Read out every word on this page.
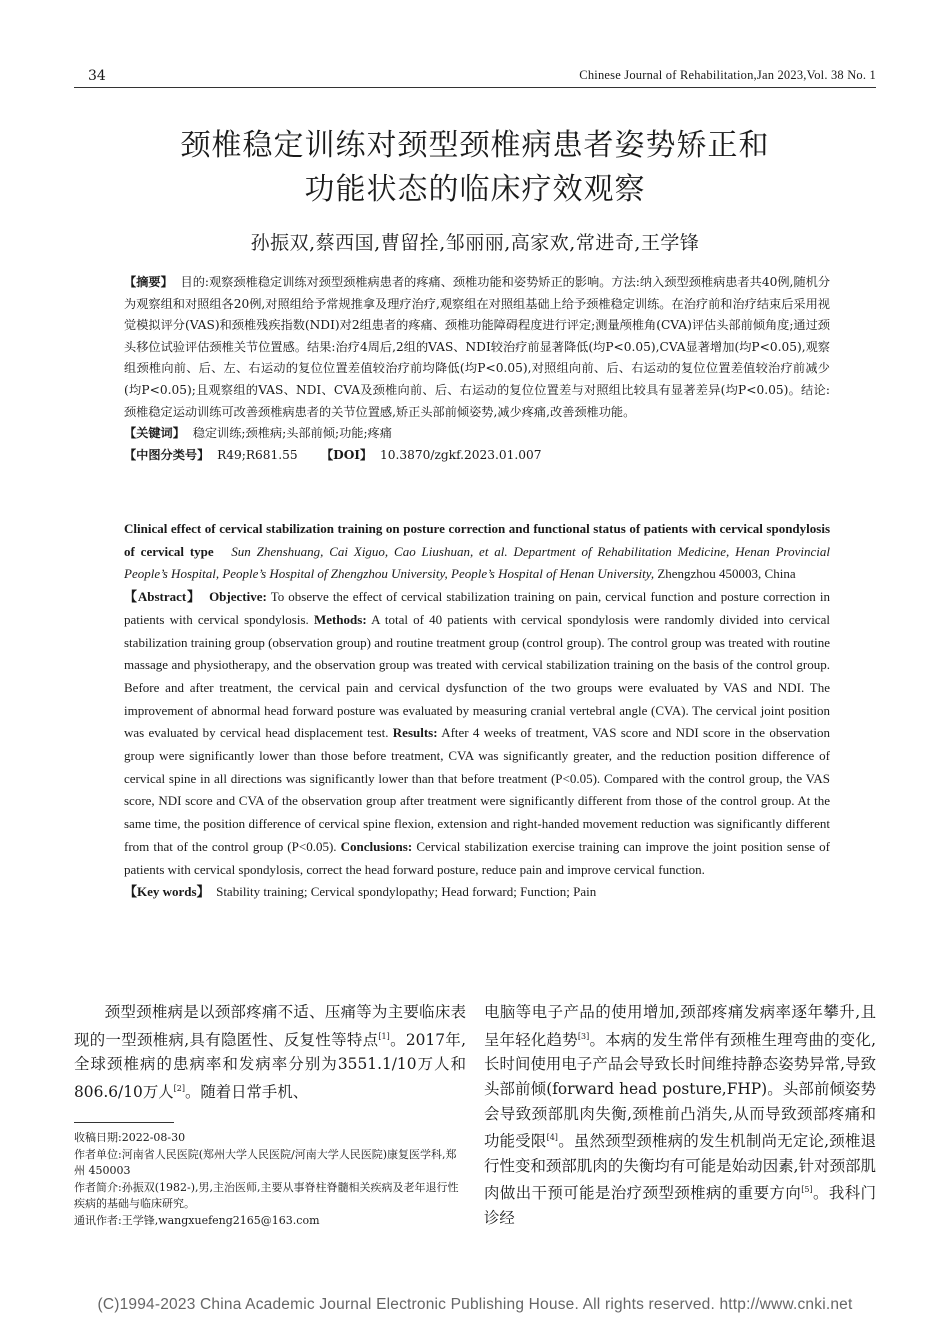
34	Chinese Journal of Rehabilitation,Jan 2023,Vol. 38 No. 1
颈椎稳定训练对颈型颈椎病患者姿势矫正和
功能状态的临床疗效观察
孙振双,蔡西国,曹留拴,邹丽丽,高家欢,常进奇,王学锋

【摘要】 目的:观察颈椎稳定训练对颈型颈椎病患者的疼痛、颈椎功能和姿势矫正的影响。方法:纳入颈型颈椎病患者共40例,随机分为观察组和对照组各20例,对照组给予常规推拿及理疗治疗,观察组在对照组基础上给予颈椎稳定训练。在治疗前和治疗结束后采用视觉模拟评分(VAS)和颈椎残疾指数(NDI)对2组患者的疼痛、颈椎功能障碍程度进行评定;测量颅椎角(CVA)评估头部前倾角度;通过颈头移位试验评估颈椎关节位置感。结果:治疗4周后,2组的VAS、NDI较治疗前显著降低(均P<0.05),CVA显著增加(均P<0.05),观察组颈椎向前、后、左、右运动的复位位置差值较治疗前均降低(均P<0.05),对照组向前、后、右运动的复位位置差值较治疗前减少(均P<0.05);且观察组的VAS、NDI、CVA及颈椎向前、后、右运动的复位位置差与对照组比较具有显著差异(均P<0.05)。结论:颈椎稳定运动训练可改善颈椎病患者的关节位置感,矫正头部前倾姿势,减少疼痛,改善颈椎功能。

【关键词】 稳定训练;颈椎病;头部前倾;功能;疼痛

【中图分类号】 R49;R681.55 【DOI】 10.3870/zgkf.2023.01.007

Clinical effect of cervical stabilization training on posture correction and functional status of patients with cervical spondylosis of cervical type Sun Zhenshuang, Cai Xiguo, Cao Liushuan, et al. Department of Rehabilitation Medicine, Henan Provincial People’s Hospital, People’s Hospital of Zhengzhou University, People’s Hospital of Henan University, Zhengzhou 450003, China

【Abstract】 Objective: To observe the effect of cervical stabilization training on pain, cervical function and posture correction in patients with cervical spondylosis. Methods: A total of 40 patients with cervical spondylosis were randomly divided into cervical stabilization training group (observation group) and routine treatment group (control group). The control group was treated with routine massage and physiotherapy, and the observation group was treated with cervical stabilization training on the basis of the control group. Before and after treatment, the cervical pain and cervical dysfunction of the two groups were evaluated by VAS and NDI. The improvement of abnormal head forward posture was evaluated by measuring cranial vertebral angle (CVA). The cervical joint position was evaluated by cervical head displacement test. Results: After 4 weeks of treatment, VAS score and NDI score in the observation group were significantly lower than those before treatment, CVA was significantly greater, and the reduction position difference of cervical spine in all directions was significantly lower than that before treatment (P<0.05). Compared with the control group, the VAS score, NDI score and CVA of the observation group after treatment were significantly different from those of the control group. At the same time, the position difference of cervical spine flexion, extension and right-handed movement reduction was significantly different from that of the control group (P<0.05). Conclusions: Cervical stabilization exercise training can improve the joint position sense of patients with cervical spondylosis, correct the head forward posture, reduce pain and improve cervical function.

【Key words】 Stability training; Cervical spondylopathy; Head forward; Function; Pain

颈型颈椎病是以颈部疼痛不适、压痛等为主要临床表现的一型颈椎病,具有隐匿性、反复性等特点[1]。2017年,全球颈椎病的患病率和发病率分别为3551.1/10万人和806.6/10万人[2]。随着日常手机、

收稿日期:2022-08-30
作者单位:河南省人民医院(郑州大学人民医院/河南大学人民医院)康复医学科,郑州 450003
作者简介:孙振双(1982-),男,主治医师,主要从事脊柱脊髓相关疾病及老年退行性疾病的基础与临床研究。
通讯作者:王学锋,wangxuefeng2165@163.com

电脑等电子产品的使用增加,颈部疼痛发病率逐年攀升,且呈年轻化趋势[3]。本病的发生常伴有颈椎生理弯曲的变化,长时间使用电子产品会导致长时间维持静态姿势异常,导致头部前倾(forward head posture,FHP)。头部前倾姿势会导致颈部肌肉失衡,颈椎前凸消失,从而导致颈部疼痛和功能受限[4]。虽然颈型颈椎病的发生机制尚无定论,颈椎退行性变和颈部肌肉的失衡均有可能是始动因素,针对颈部肌肉做出干预可能是治疗颈型颈椎病的重要方向[5]。我科门诊经

(C)1994-2023 China Academic Journal Electronic Publishing House. All rights reserved. http://www.cnki.net
